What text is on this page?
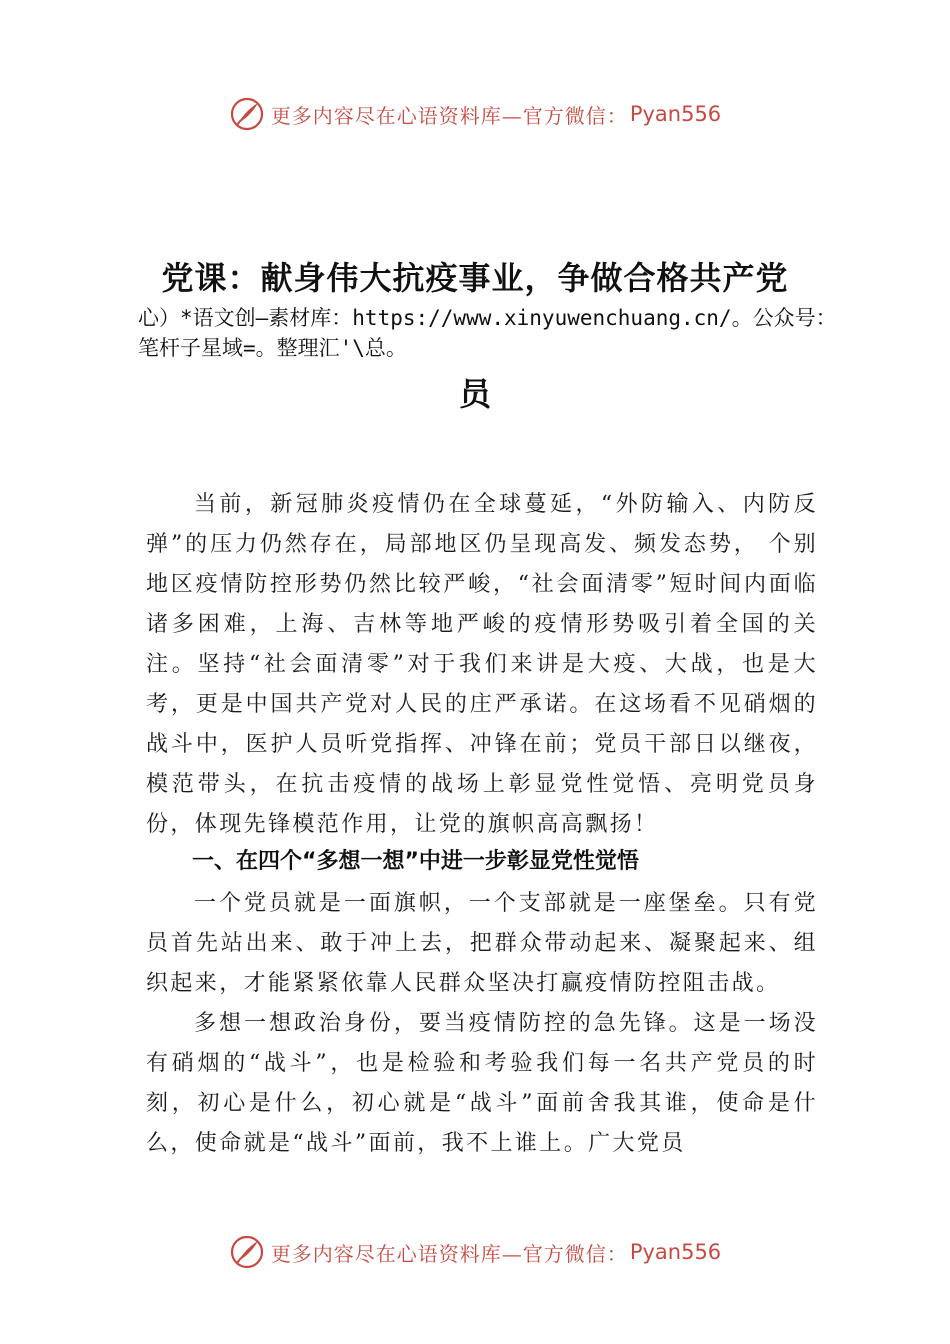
更多内容尽在心语资料库—官方微信： Pyan556
党课：献身伟大抗疫事业，争做合格共产党
心）*语文创—素材库：https://www.xinyuwenchuang.cn/。公众号：笔杆子星域=。整理汇'\总。
员
当前，新冠肺炎疫情仍在全球蔓延，“外防输入、内防反弹”的压力仍然存在，局部地区仍呈现高发、频发态势， 个别地区疫情防控形势仍然比较严峻，“社会面清零”短时间内面临诸多困难，上海、吉林等地严峻的疫情形势吸引着全国的关注。坚持“社会面清零”对于我们来讲是大疫、大战，也是大考，更是中国共产党对人民的庄严承诺。在这场看不见硝烟的战斗中，医护人员听党指挥、冲锋在前；党员干部日以继夜，模范带头，在抗击疫情的战场上彰显党性觉悟、亮明党员身份，体现先锋模范作用，让党的旗帜高高飘扬！
一、在四个“多想一想”中进一步彰显党性觉悟
一个党员就是一面旗帜，一个支部就是一座堡垒。只有党员首先站出来、敢于冲上去，把群众带动起来、凝聚起来、组织起来，才能紧紧依靠人民群众坚决打赢疫情防控阻击战。
多想一想政治身份，要当疫情防控的急先锋。这是一场没有硝烟的“战斗”，也是检验和考验我们每一名共产党员的时刻，初心是什么，初心就是“战斗”面前舍我其谁，使命是什么，使命就是“战斗”面前，我不上谁上。广大党员
更多内容尽在心语资料库—官方微信： Pyan556
